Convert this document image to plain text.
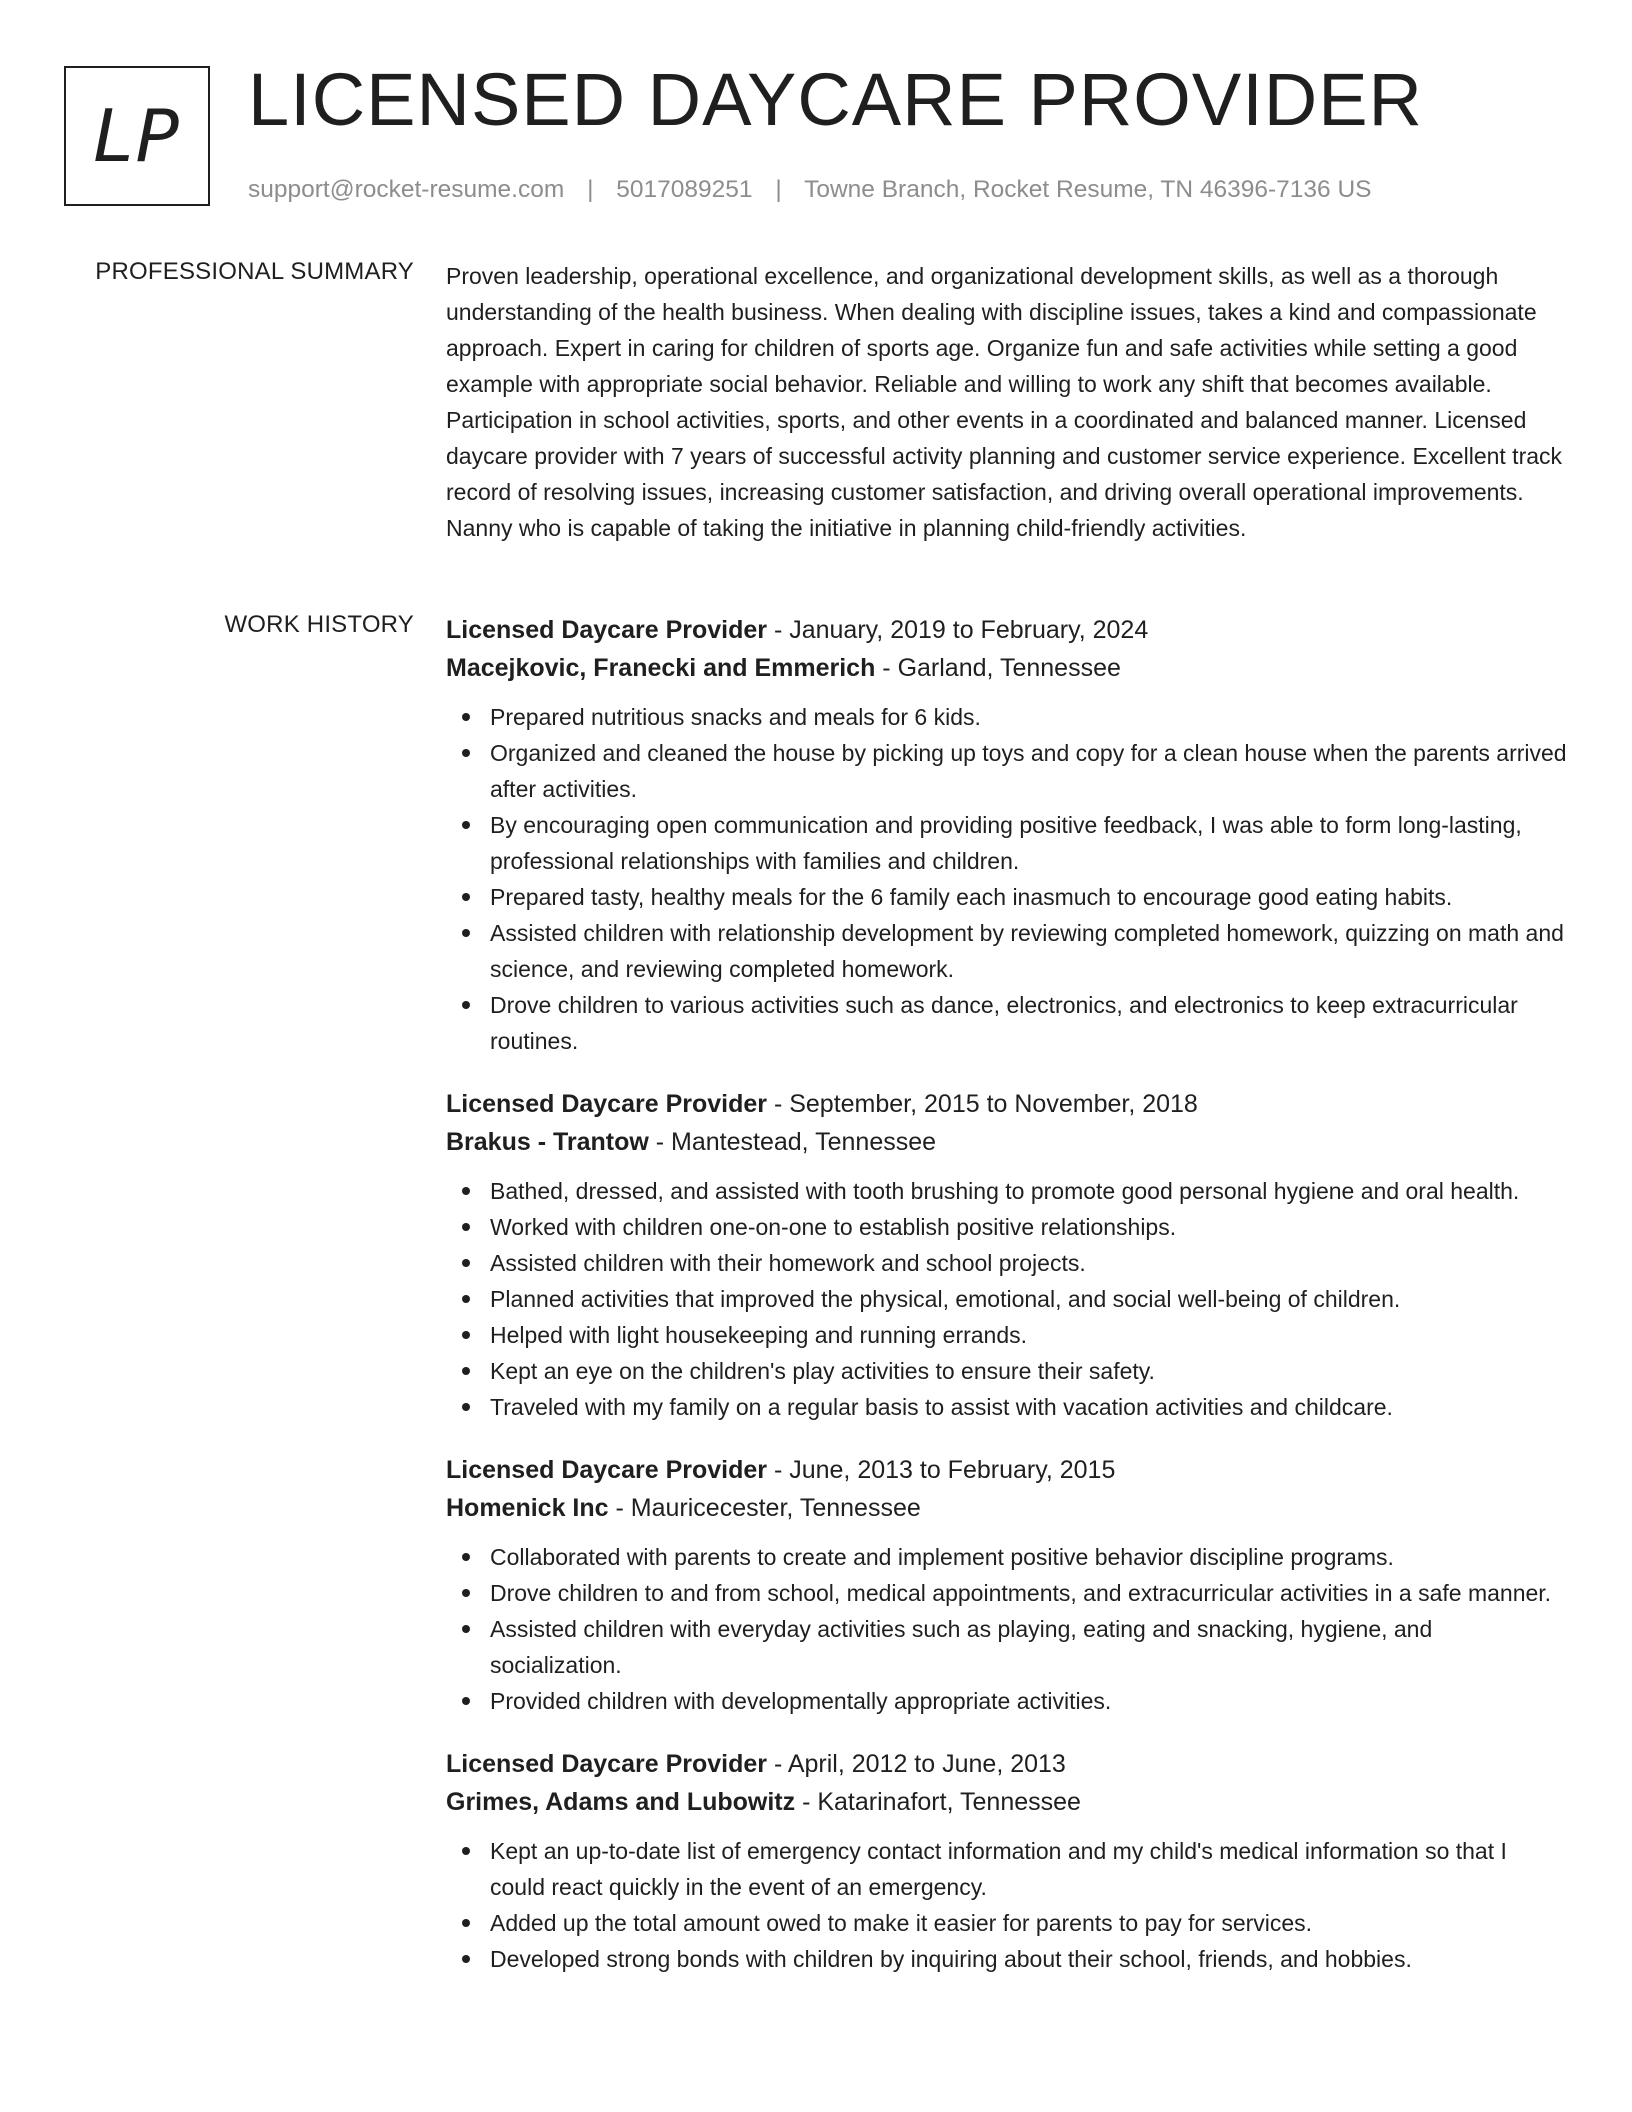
LP LICENSED DAYCARE PROVIDER
support@rocket-resume.com | 5017089251 | Towne Branch, Rocket Resume, TN 46396-7136 US
PROFESSIONAL SUMMARY Proven leadership, operational excellence, and organizational development skills, as well as a thorough understanding of the health business. When dealing with discipline issues, takes a kind and compassionate approach. Expert in caring for children of sports age. Organize fun and safe activities while setting a good example with appropriate social behavior. Reliable and willing to work any shift that becomes available. Participation in school activities, sports, and other events in a coordinated and balanced manner. Licensed daycare provider with 7 years of successful activity planning and customer service experience. Excellent track record of resolving issues, increasing customer satisfaction, and driving overall operational improvements. Nanny who is capable of taking the initiative in planning child-friendly activities.
WORK HISTORY Licensed Daycare Provider - January, 2019 to February, 2024
Macejkovic, Franecki and Emmerich - Garland, Tennessee
Prepared nutritious snacks and meals for 6 kids.
Organized and cleaned the house by picking up toys and copy for a clean house when the parents arrived after activities.
By encouraging open communication and providing positive feedback, I was able to form long-lasting, professional relationships with families and children.
Prepared tasty, healthy meals for the 6 family each inasmuch to encourage good eating habits.
Assisted children with relationship development by reviewing completed homework, quizzing on math and science, and reviewing completed homework.
Drove children to various activities such as dance, electronics, and electronics to keep extracurricular routines.
Licensed Daycare Provider - September, 2015 to November, 2018
Brakus - Trantow - Mantestead, Tennessee
Bathed, dressed, and assisted with tooth brushing to promote good personal hygiene and oral health.
Worked with children one-on-one to establish positive relationships.
Assisted children with their homework and school projects.
Planned activities that improved the physical, emotional, and social well-being of children.
Helped with light housekeeping and running errands.
Kept an eye on the children's play activities to ensure their safety.
Traveled with my family on a regular basis to assist with vacation activities and childcare.
Licensed Daycare Provider - June, 2013 to February, 2015
Homenick Inc - Mauricecester, Tennessee
Collaborated with parents to create and implement positive behavior discipline programs.
Drove children to and from school, medical appointments, and extracurricular activities in a safe manner.
Assisted children with everyday activities such as playing, eating and snacking, hygiene, and socialization.
Provided children with developmentally appropriate activities.
Licensed Daycare Provider - April, 2012 to June, 2013
Grimes, Adams and Lubowitz - Katarinafort, Tennessee
Kept an up-to-date list of emergency contact information and my child's medical information so that I could react quickly in the event of an emergency.
Added up the total amount owed to make it easier for parents to pay for services.
Developed strong bonds with children by inquiring about their school, friends, and hobbies.
